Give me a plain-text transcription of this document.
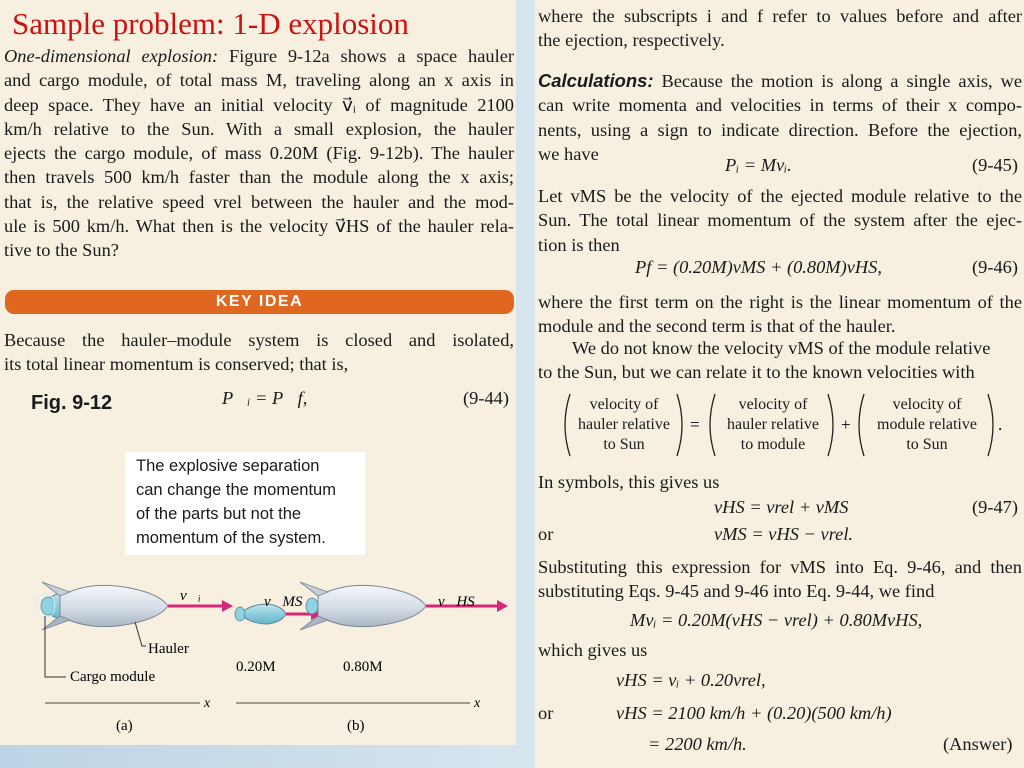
Sample problem: 1-D explosion
One-dimensional explosion: Figure 9-12a shows a space hauler
and cargo module, of total mass M, traveling along an x axis in
deep space. They have an initial velocity v⃗ᵢ of magnitude 2100
km/h relative to the Sun. With a small explosion, the hauler
ejects the cargo module, of mass 0.20M (Fig. 9-12b). The hauler
then travels 500 km/h faster than the module along the x axis;
that is, the relative speed vrel between the hauler and the mod-
ule is 500 km/h. What then is the velocity v⃗HS of the hauler rela-
tive to the Sun?
KEY IDEA
Because the hauler–module system is closed and isolated,
its total linear momentum is conserved; that is,
Fig. 9-12	P⃗ᵢ = P⃗f,	(9-44)
The explosive separation
can change the momentum
of the parts but not the
momentum of the system.
v⃗ᵢ
Hauler
Cargo module
x
(a)
v⃗MS	v⃗HS
0.20M	0.80M
x
(b)
where the subscripts i and f refer to values before and after
the ejection, respectively.
Calculations: Because the motion is along a single axis, we
can write momenta and velocities in terms of their x compo-
nents, using a sign to indicate direction. Before the ejection,
we have
Pᵢ = Mvᵢ.	(9-45)
Let vMS be the velocity of the ejected module relative to the
Sun. The total linear momentum of the system after the ejec-
tion is then
Pf = (0.20M)vMS + (0.80M)vHS,	(9-46)
where the first term on the right is the linear momentum of the
module and the second term is that of the hauler.
We do not know the velocity vMS of the module relative
to the Sun, but we can relate it to the known velocities with
=	+	.
velocity of
hauler relative
to Sun
velocity of
hauler relative
to module
velocity of
module relative
to Sun
In symbols, this gives us
vHS = vrel + vMS	(9-47)
or	vMS = vHS − vrel.
Substituting this expression for vMS into Eq. 9-46, and then
substituting Eqs. 9-45 and 9-46 into Eq. 9-44, we find
Mvᵢ = 0.20M(vHS − vrel) + 0.80MvHS,
which gives us
vHS = vᵢ + 0.20vrel,
or	vHS = 2100 km/h + (0.20)(500 km/h)
= 2200 km/h.	(Answer)
